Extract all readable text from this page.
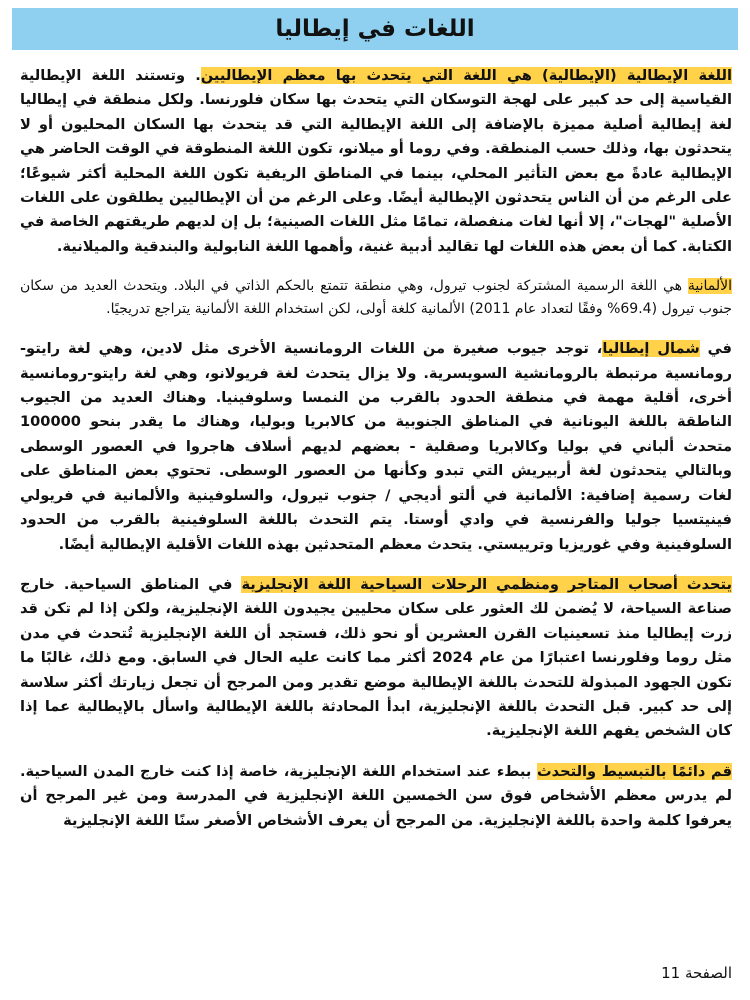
اللغات في إيطاليا

اللغة الإيطالية (الإيطالية) هي اللغة التي يتحدث بها معظم الإيطاليين. وتستند اللغة الإيطالية القياسية إلى حد كبير على لهجة التوسكان التي يتحدث بها سكان فلورنسا. ولكل منطقة في إيطاليا لغة إيطالية أصلية مميزة بالإضافة إلى اللغة الإيطالية التي قد يتحدث بها السكان المحليون أو لا يتحدثون بها، وذلك حسب المنطقة. وفي روما أو ميلانو، تكون اللغة المنطوقة في الوقت الحاضر هي الإيطالية عادةً مع بعض التأثير المحلي، بينما في المناطق الريفية تكون اللغة المحلية أكثر شيوعًا؛ على الرغم من أن الناس يتحدثون الإيطالية أيضًا. وعلى الرغم من أن الإيطاليين يطلقون على اللغات الأصلية "لهجات"، إلا أنها لغات منفصلة، تمامًا مثل اللغات الصينية؛ بل إن لديهم طريقتهم الخاصة في الكتابة. كما أن بعض هذه اللغات لها تقاليد أدبية غنية، وأهمها اللغة النابولية والبندقية والميلانية.

الألمانية هي اللغة الرسمية المشتركة لجنوب تيرول، وهي منطقة تتمتع بالحكم الذاتي في البلاد. ويتحدث العديد من سكان جنوب تيرول (69.4% وفقًا لتعداد عام 2011) الألمانية كلغة أولى، لكن استخدام اللغة الألمانية يتراجع تدريجيًا.

في شمال إيطاليا، توجد جيوب صغيرة من اللغات الرومانسية الأخرى مثل لادين، وهي لغة رايتو-رومانسية مرتبطة بالرومانشية السويسرية. ولا يزال يتحدث لغة فريولانو، وهي لغة رايتو-رومانسية أخرى، أقلية مهمة في منطقة الحدود بالقرب من النمسا وسلوفينيا. وهناك العديد من الجيوب الناطقة باللغة اليونانية في المناطق الجنوبية من كالابريا وبوليا، وهناك ما يقدر بنحو 100000 متحدث ألباني في بوليا وكالابريا وصقلية - بعضهم لديهم أسلاف هاجروا في العصور الوسطى وبالتالي يتحدثون لغة أربيريش التي تبدو وكأنها من العصور الوسطى. تحتوي بعض المناطق على لغات رسمية إضافية: الألمانية في ألتو أديجي / جنوب تيرول، والسلوفينية والألمانية في فريولي فينيتسيا جوليا والفرنسية في وادي أوستا. يتم التحدث باللغة السلوفينية بالقرب من الحدود السلوفينية وفي غوريزيا وترييستي. يتحدث معظم المتحدثين بهذه اللغات الأقلية الإيطالية أيضًا.

يتحدث أصحاب المتاجر ومنظمي الرحلات السياحية اللغة الإنجليزية في المناطق السياحية. خارج صناعة السياحة، لا يُضمن لك العثور على سكان محليين يجيدون اللغة الإنجليزية، ولكن إذا لم تكن قد زرت إيطاليا منذ تسعينيات القرن العشرين أو نحو ذلك، فستجد أن اللغة الإنجليزية تُتحدث في مدن مثل روما وفلورنسا اعتبارًا من عام 2024 أكثر مما كانت عليه الحال في السابق. ومع ذلك، غالبًا ما تكون الجهود المبذولة للتحدث باللغة الإيطالية موضع تقدير ومن المرجح أن تجعل زيارتك أكثر سلاسة إلى حد كبير. قبل التحدث باللغة الإنجليزية، ابدأ المحادثة باللغة الإيطالية واسأل بالإيطالية عما إذا كان الشخص يفهم اللغة الإنجليزية.

قم دائمًا بالتبسيط والتحدث ببطء عند استخدام اللغة الإنجليزية، خاصة إذا كنت خارج المدن السياحية. لم يدرس معظم الأشخاص فوق سن الخمسين اللغة الإنجليزية في المدرسة ومن غير المرجح أن يعرفوا كلمة واحدة باللغة الإنجليزية. من المرجح أن يعرف الأشخاص الأصغر سنًا اللغة الإنجليزية

الصفحة 11
